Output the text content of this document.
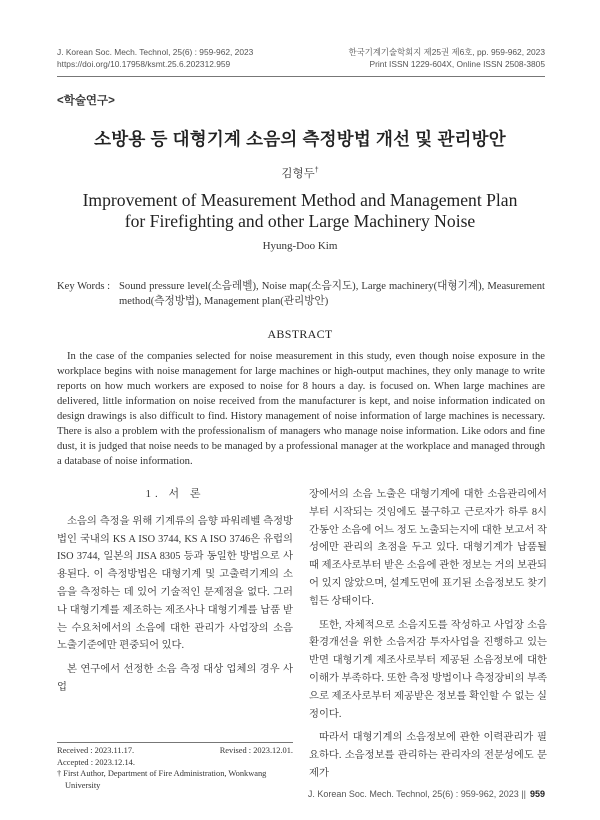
J. Korean Soc. Mech. Technol, 25(6) : 959-962, 2023
https://doi.org/10.17958/ksmt.25.6.202312.959
한국기계기술학회지 제25권 제6호, pp. 959-962, 2023
Print ISSN 1229-604X, Online ISSN 2508-3805
<학술연구>
소방용 등 대형기계 소음의 측정방법 개선 및 관리방안
김형두†
Improvement of Measurement Method and Management Plan
for Firefighting and other Large Machinery Noise
Hyung-Doo Kim
Key Words : Sound pressure level(소음레벨), Noise map(소음지도), Large machinery(대형기계), Measurement method(측정방법), Management plan(관리방안)
ABSTRACT

In the case of the companies selected for noise measurement in this study, even though noise exposure in the workplace begins with noise management for large machines or high-output machines, they only manage to write reports on how much workers are exposed to noise for 8 hours a day. is focused on. When large machines are delivered, little information on noise received from the manufacturer is kept, and noise information indicated on design drawings is also difficult to find. History management of noise information of large machines is necessary. There is also a problem with the professionalism of managers who manage noise information. Like odors and fine dust, it is judged that noise needs to be managed by a professional manager at the workplace and managed through a database of noise information.

1. 서 론

소음의 측정을 위해 기계류의 음향 파워레벨 측정방법인 국내의 KS A ISO 3744, KS A ISO 3746은 유럽의 ISO 3744, 일본의 JISA 8305 등과 동일한 방법으로 사용된다. 이 측정방법은 대형기계 및 고출력기계의 소음을 측정하는 데 있어 기술적인 문제점을 없다. 그러나 대형기계를 제조하는 제조사나 대형기계를 납품 받는 수요처에서의 소음에 대한 관리가 사업장의 소음 노출기준에만 편중되어 있다.

본 연구에서 선정한 소음 측정 대상 업체의 경우 사업

장에서의 소음 노출은 대형기계에 대한 소음관리에서부터 시작되는 것임에도 불구하고 근로자가 하루 8시간동안 소음에 어느 정도 노출되는지에 대한 보고서 작성에만 관리의 초점을 두고 있다. 대형기계가 납품될 때 제조사로부터 받은 소음에 관한 정보는 거의 보관되어 있지 않았으며, 설계도면에 표기된 소음정보도 찾기 힘든 상태이다.

또한, 자체적으로 소음지도를 작성하고 사업장 소음환경개선을 위한 소음저감 투자사업을 진행하고 있는 반면 대형기계 제조사로부터 제공된 소음정보에 대한 이해가 부족하다. 또한 측정 방법이나 측정장비의 부족으로 제조사로부터 제공받은 정보를 확인할 수 없는 실정이다.

따라서 대형기계의 소음정보에 관한 이력관리가 필요하다. 소음정보를 관리하는 관리자의 전문성에도 문제가

Received : 2023.11.17.	Revised : 2023.12.01.
Accepted : 2023.12.14.
† First Author, Department of Fire Administration, Wonkwang University
J. Korean Soc. Mech. Technol, 25(6) : 959-962, 2023 || 959
